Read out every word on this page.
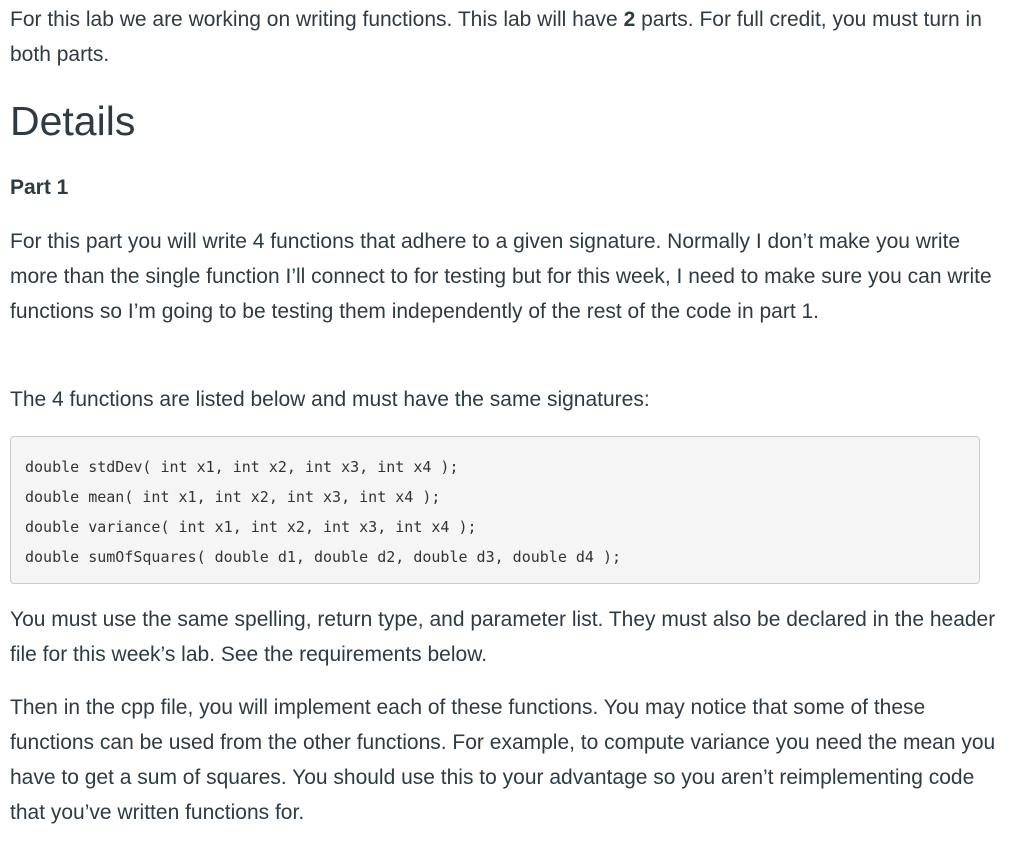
For this lab we are working on writing functions. This lab will have 2 parts. For full credit, you must turn in both parts.

Details
Part 1

For this part you will write 4 functions that adhere to a given signature. Normally I don’t make you write more than the single function I’ll connect to for testing but for this week, I need to make sure you can write functions so I’m going to be testing them independently of the rest of the code in part 1.

The 4 functions are listed below and must have the same signatures:

double stdDev( int x1, int x2, int x3, int x4 );
double mean( int x1, int x2, int x3, int x4 );
double variance( int x1, int x2, int x3, int x4 );
double sumOfSquares( double d1, double d2, double d3, double d4 );

You must use the same spelling, return type, and parameter list. They must also be declared in the header file for this week’s lab. See the requirements below.

Then in the cpp file, you will implement each of these functions. You may notice that some of these functions can be used from the other functions. For example, to compute variance you need the mean you have to get a sum of squares. You should use this to your advantage so you aren’t reimplementing code that you’ve written functions for.
